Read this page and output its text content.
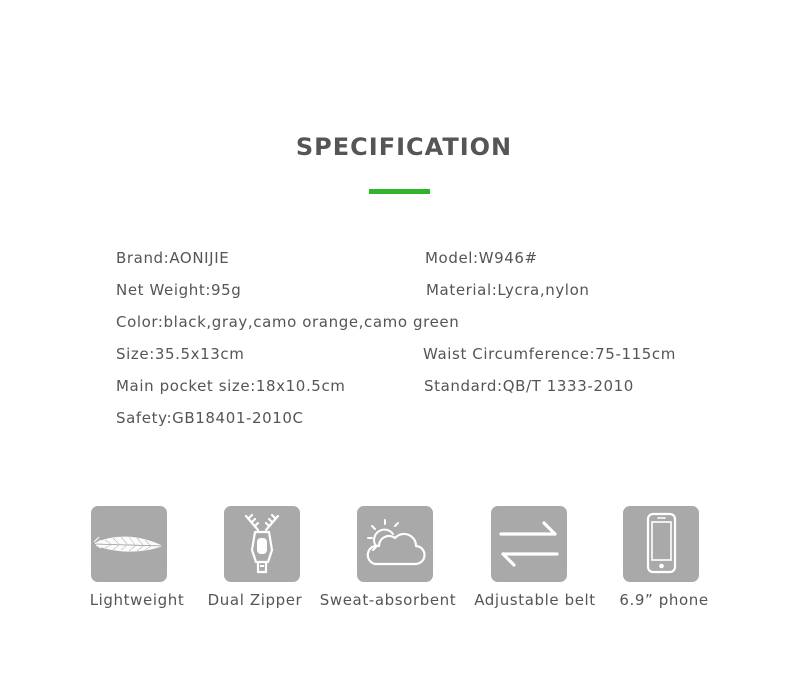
SPECIFICATION
Brand:AONIJIE	Model:W946#
Net Weight:95g	Material:Lycra,nylon
Color:black,gray,camo orange,camo green
Size:35.5x13cm	Waist Circumference:75-115cm
Main pocket size:18x10.5cm	Standard:QB/T 1333-2010
Safety:GB18401-2010C
Lightweight Dual Zipper Sweat-absorbent Adjustable belt	6.9” phone
